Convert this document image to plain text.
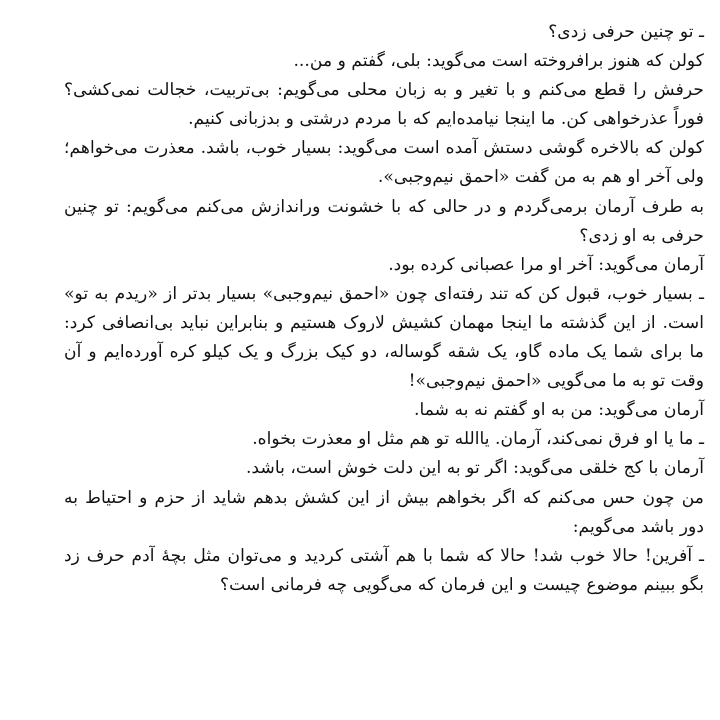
ـ تو چنین حرفی زدی؟

کولن که هنوز برافروخته است می‌گوید: بلی، گفتم و من...

حرفش را قطع می‌کنم و با تغیر و به زبان محلی می‌گویم: بی‌تربیت، خجالت نمی‌کشی؟ فوراً عذرخواهی کن. ما اینجا نیامده‌ایم که با مردم درشتی و بدزبانی کنیم.

کولن که بالاخره گوشی دستش آمده است می‌گوید: بسیار خوب، باشد. معذرت می‌خواهم؛ ولی آخر او هم به من گفت «احمق نیم‌وجبی».

به طرف آرمان برمی‌گردم و در حالی که با خشونت وراندازش می‌کنم می‌گویم: تو چنین حرفی به او زدی؟

آرمان می‌گوید: آخر او مرا عصبانی کرده بود.

ـ بسیار خوب، قبول کن که تند رفته‌ای چون «احمق نیم‌وجبی» بسیار بدتر از «ریدم به تو» است. از این گذشته ما اینجا مهمان کشیش لاروک هستیم و بنابراین نباید بی‌انصافی کرد: ما برای شما یک ماده گاو، یک شقه گوساله، دو کیک بزرگ و یک کیلو کره آورده‌ایم و آن وقت تو به ما می‌گویی «احمق نیم‌وجبی»!

آرمان می‌گوید: من به او گفتم نه به شما.

ـ ما یا او فرق نمی‌کند، آرمان. یاالله تو هم مثل او معذرت بخواه.

آرمان با کج خلقی می‌گوید: اگر تو به این دلت خوش است، باشد.

من چون حس می‌کنم که اگر بخواهم بیش از این کشش بدهم شاید از حزم و احتیاط به دور باشد می‌گویم:

ـ آفرین! حالا خوب شد! حالا که شما با هم آشتی کردید و می‌توان مثل بچهٔ آدم حرف زد بگو ببینم موضوع چیست و این فرمان که می‌گویی چه فرمانی است؟
